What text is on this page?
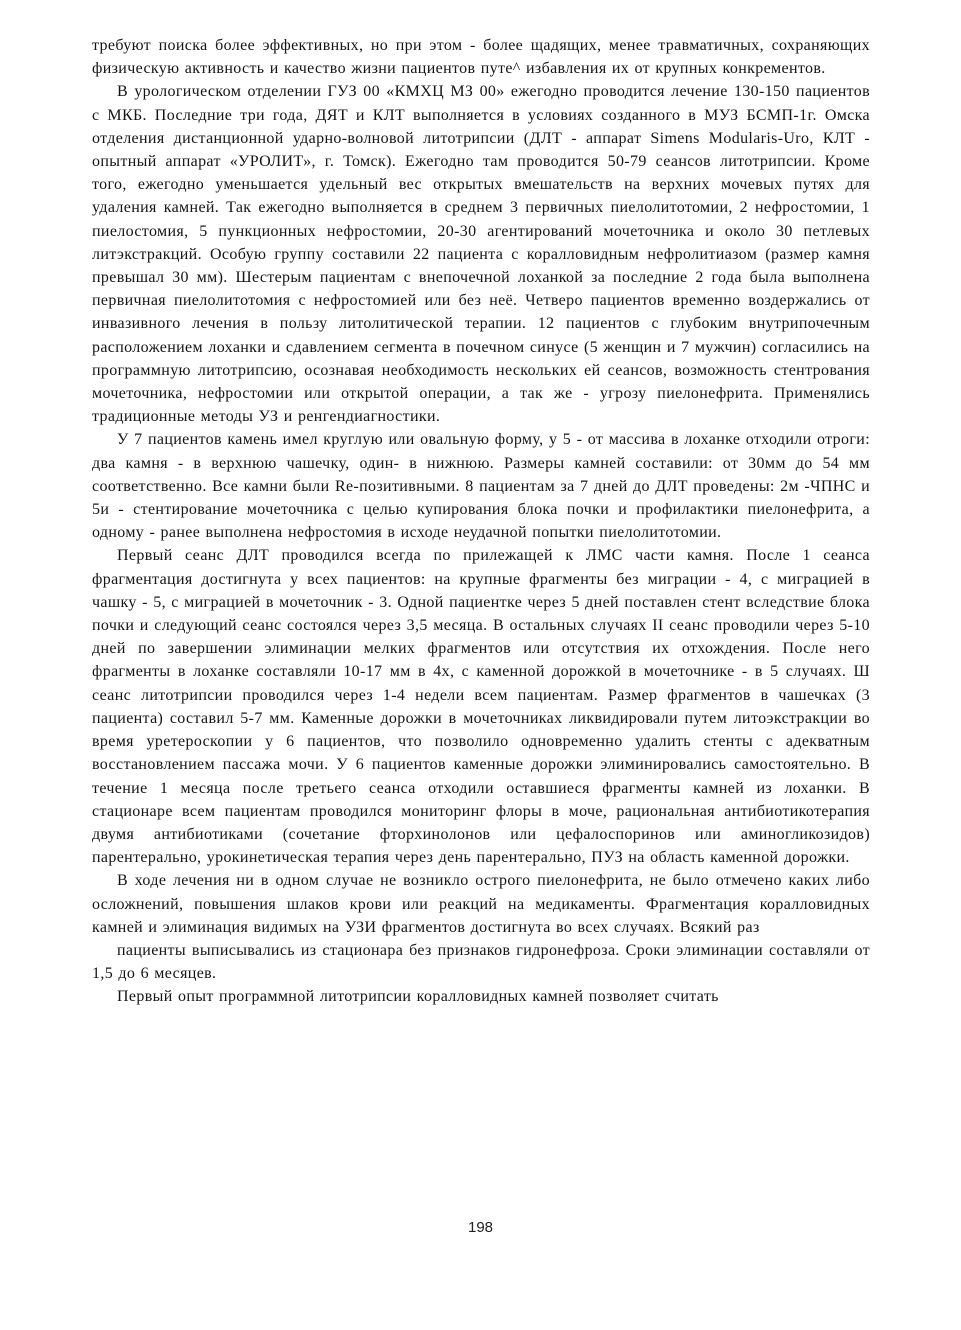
требуют поиска более эффективных, но при этом - более щадящих, менее травматичных, сохраняющих физическую активность и качество жизни пациентов путе^ избавления их от крупных конкрементов.

В урологическом отделении ГУЗ 00 «КМХЦ МЗ 00» ежегодно проводится лечение 130-150 пациентов с МКБ. Последние три года, ДЯТ и КЛТ выполняется в условиях созданного в МУЗ БСМП-1г. Омска отделения дистанционной ударно-волновой литотрипсии (ДЛТ - аппарат Simens Modularis-Uro, КЛТ - опытный аппарат «УРОЛИТ», г. Томск). Ежегодно там проводится 50-79 сеансов литотрипсии. Кроме того, ежегодно уменьшается удельный вес открытых вмешательств на верхних мочевых путях для удаления камней. Так ежегодно выполняется в среднем 3 первичных пиелолитотомии, 2 нефростомии, 1 пиелостомия, 5 пункционных нефростомии, 20-30 агентирований мочеточника и около 30 петлевых литэкстракций. Особую группу составили 22 пациента с коралловидным нефролитиазом (размер камня превышал 30 мм). Шестерым пациентам с внепочечной лоханкой за последние 2 года была выполнена первичная пиелолитотомия с нефростомией или без неё. Четверо пациентов временно воздержались от инвазивного лечения в пользу литолитической терапии. 12 пациентов с глубоким внутрипочечным расположением лоханки и сдавлением сегмента в почечном синусе (5 женщин и 7 мужчин) согласились на программную литотрипсию, осознавая необходимость нескольких ей сеансов, возможность стентрования мочеточника, нефростомии или открытой операции, а так же - угрозу пиелонефрита. Применялись традиционные методы УЗ и ренгендиагностики.

У 7 пациентов камень имел круглую или овальную форму, у 5 - от массива в лоханке отходили отроги: два камня - в верхнюю чашечку, один- в нижнюю. Размеры камней составили: от 30мм до 54 мм соответственно. Все камни были Re-позитивными. 8 пациентам за 7 дней до ДЛТ проведены: 2м -ЧПНС и 5и - стентирование мочеточника с целью купирования блока почки и профилактики пиелонефрита, а одному - ранее выполнена нефростомия в исходе неудачной попытки пиелолитотомии.

Первый сеанс ДЛТ проводился всегда по прилежащей к ЛМС части камня. После 1 сеанса фрагментация достигнута у всех пациентов: на крупные фрагменты без миграции - 4, с миграцией в чашку - 5, с миграцией в мочеточник - 3. Одной пациентке через 5 дней поставлен стент вследствие блока почки и следующий сеанс состоялся через 3,5 месяца. В остальных случаях II сеанс проводили через 5-10 дней по завершении элиминации мелких фрагментов или отсутствия их отхождения. После него фрагменты в лоханке составляли 10-17 мм в 4х, с каменной дорожкой в мочеточнике - в 5 случаях. Ш сеанс литотрипсии проводился через 1-4 недели всем пациентам. Размер фрагментов в чашечках (3 пациента) составил 5-7 мм. Каменные дорожки в мочеточниках ликвидировали путем литоэкстракции во время уретероскопии у 6 пациентов, что позволило одновременно удалить стенты с адекватным восстановлением пассажа мочи. У 6 пациентов каменные дорожки элиминировались самостоятельно. В течение 1 месяца после третьего сеанса отходили оставшиеся фрагменты камней из лоханки. В стационаре всем пациентам проводился мониторинг флоры в моче, рациональная антибиотикотерапия двумя антибиотиками (сочетание фторхинолонов или цефалоспоринов или аминогликозидов) парентерально, урокинетическая терапия через день парентерально, ПУЗ на область каменной дорожки.

В ходе лечения ни в одном случае не возникло острого пиелонефрита, не было отмечено каких либо осложнений, повышения шлаков крови или реакций на медикаменты. Фрагментация коралловидных камней и элиминация видимых на УЗИ фрагментов достигнута во всех случаях. Всякий раз

пациенты выписывались из стационара без признаков гидронефроза. Сроки элиминации составляли от 1,5 до 6 месяцев.

Первый опыт программной литотрипсии коралловидных камней позволяет считать

198
